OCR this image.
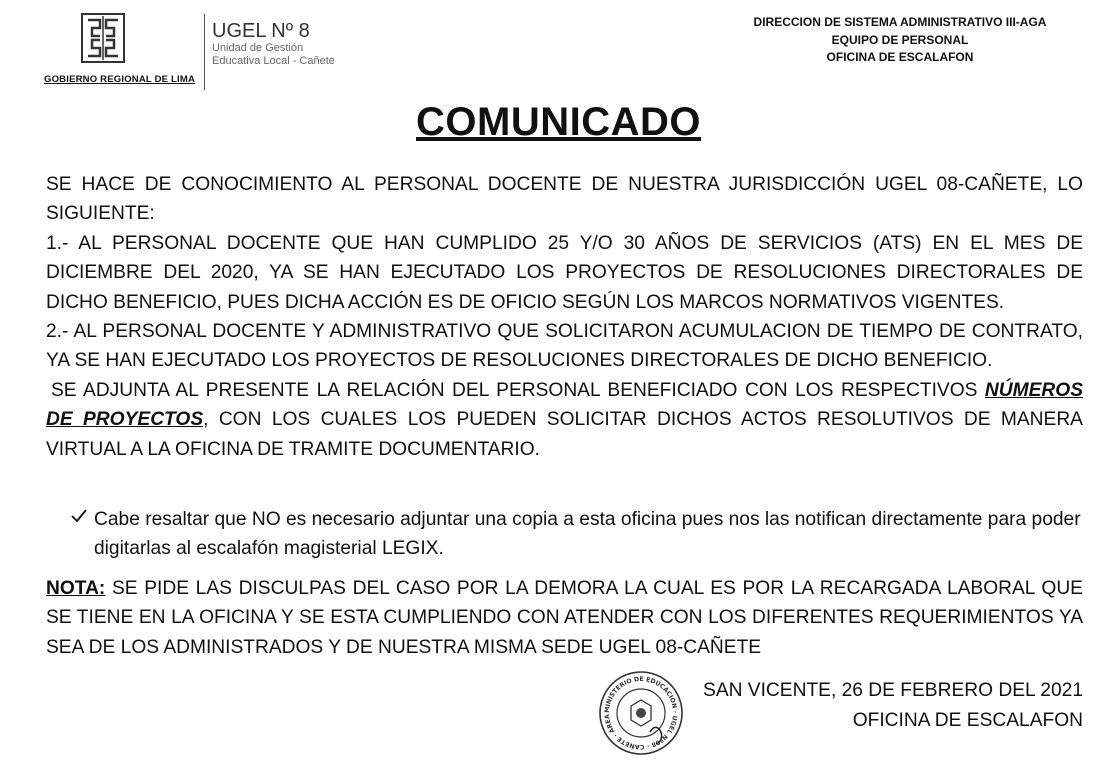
GOBIERNO REGIONAL DE LIMA
UGEL Nº 8
Unidad de Gestión
Educativa Local - Cañete
DIRECCION DE SISTEMA ADMINISTRATIVO III-AGA
EQUIPO DE PERSONAL
OFICINA DE ESCALAFON
COMUNICADO

SE HACE DE CONOCIMIENTO AL PERSONAL DOCENTE DE NUESTRA JURISDICCIÓN UGEL 08-CAÑETE, LO SIGUIENTE:

1.- AL PERSONAL DOCENTE QUE HAN CUMPLIDO 25 Y/O 30 AÑOS DE SERVICIOS (ATS) EN EL MES DE DICIEMBRE DEL 2020, YA SE HAN EJECUTADO LOS PROYECTOS DE RESOLUCIONES DIRECTORALES DE DICHO BENEFICIO, PUES DICHA ACCIÓN ES DE OFICIO SEGÚN LOS MARCOS NORMATIVOS VIGENTES.

2.- AL PERSONAL DOCENTE Y ADMINISTRATIVO QUE SOLICITARON ACUMULACION DE TIEMPO DE CONTRATO, YA SE HAN EJECUTADO LOS PROYECTOS DE RESOLUCIONES DIRECTORALES DE DICHO BENEFICIO.

SE ADJUNTA AL PRESENTE LA RELACIÓN DEL PERSONAL BENEFICIADO CON LOS RESPECTIVOS NÚMEROS DE PROYECTOS, CON LOS CUALES LOS PUEDEN SOLICITAR DICHOS ACTOS RESOLUTIVOS DE MANERA VIRTUAL A LA OFICINA DE TRAMITE DOCUMENTARIO.

Cabe resaltar que NO es necesario adjuntar una copia a esta oficina pues nos las notifican directamente para poder digitarlas al escalafón magisterial LEGIX.
NOTA: SE PIDE LAS DISCULPAS DEL CASO POR LA DEMORA LA CUAL ES POR LA RECARGADA LABORAL QUE SE TIENE EN LA OFICINA Y SE ESTA CUMPLIENDO CON ATENDER CON LOS DIFERENTES REQUERIMIENTOS YA SEA DE LOS ADMINISTRADOS Y DE NUESTRA MISMA SEDE UGEL 08-CAÑETE
MINISTERIO DE EDUCACION · UGEL Nº08 · CAÑETE · ÁREA
SAN VICENTE, 26 DE FEBRERO DEL 2021
OFICINA DE ESCALAFON
